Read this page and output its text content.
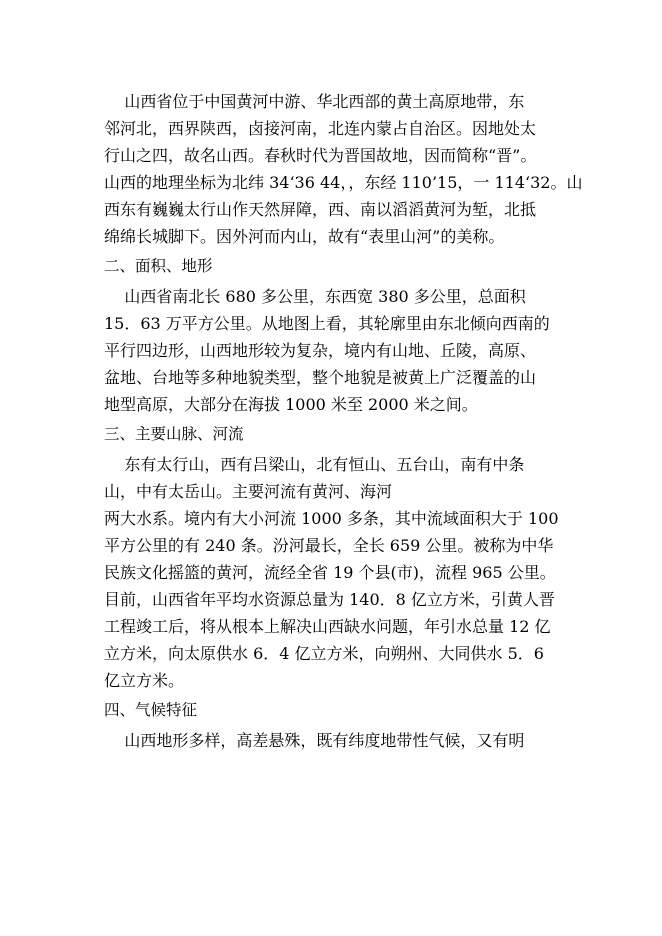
山西省位于中国黄河中游、华北西部的黄土高原地带，东
邻河北，西界陕西，卤接河南，北连内蒙占自治区。因地处太
行山之四，故名山西。春秋时代为晋国故地，因而简称“晋”。
山西的地理坐标为北纬 34‘36 44，，东经 110’15，一 114‘32。山
西东有巍巍太行山作天然屏障，西、南以滔滔黄河为堑，北抵
绵绵长城脚下。因外河而内山，故有“表里山河”的美称。
二、面积、地形
山西省南北长 680 多公里，东西宽 380 多公里，总面积
15．63 万平方公里。从地图上看，其轮廓里由东北倾向西南的
平行四边形，山西地形较为复杂，境内有山地、丘陵，高原、
盆地、台地等多种地貌类型，整个地貌是被黄上广泛覆盖的山
地型高原，大部分在海拔 1000 米至 2000 米之间。
三、主要山脉、河流
东有太行山，西有吕梁山，北有恒山、五台山，南有中条
山，中有太岳山。主要河流有黄河、海河
两大水系。境内有大小河流 1000 多条，其中流域面积大于 100
平方公里的有 240 条。汾河最长，全长 659 公里。被称为中华
民族文化摇篮的黄河，流经全省 19 个县(市)，流程 965 公里。
目前，山西省年平均水资源总量为 140．8 亿立方米，引黄人晋
工程竣工后，将从根本上解决山西缺水问题，年引水总量 12 亿
立方米，向太原供水 6．4 亿立方米，向朔州、大同供水 5．6
亿立方米。
四、气候特征
山西地形多样，高差悬殊，既有纬度地带性气候，又有明
